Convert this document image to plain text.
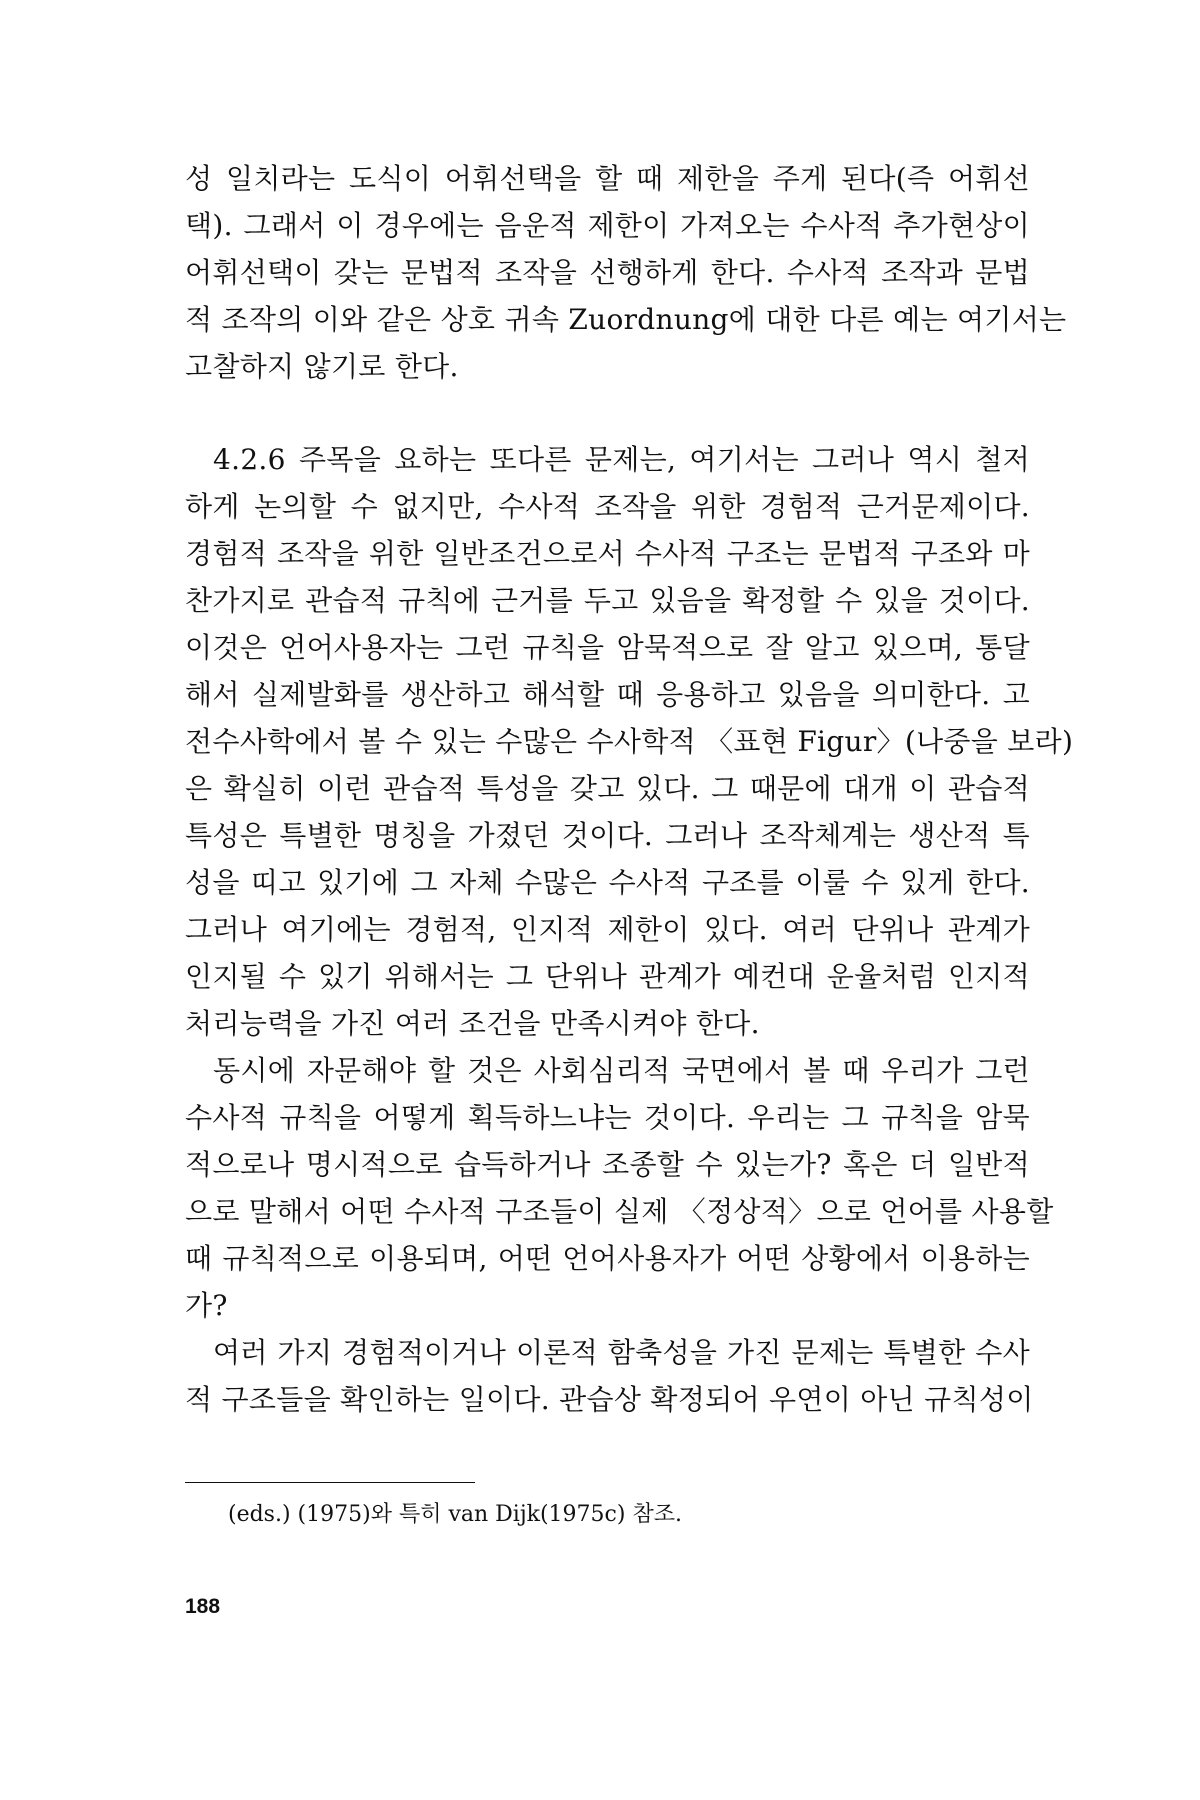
성 일치라는 도식이 어휘선택을 할 때 제한을 주게 된다(즉 어휘선
택). 그래서 이 경우에는 음운적 제한이 가져오는 수사적 추가현상이
어휘선택이 갖는 문법적 조작을 선행하게 한다. 수사적 조작과 문법
적 조작의 이와 같은 상호 귀속 Zuordnung에 대한 다른 예는 여기서는
고찰하지 않기로 한다.
4.2.6 주목을 요하는 또다른 문제는, 여기서는 그러나 역시 철저
하게 논의할 수 없지만, 수사적 조작을 위한 경험적 근거문제이다.
경험적 조작을 위한 일반조건으로서 수사적 구조는 문법적 구조와 마
찬가지로 관습적 규칙에 근거를 두고 있음을 확정할 수 있을 것이다.
이것은 언어사용자는 그런 규칙을 암묵적으로 잘 알고 있으며, 통달
해서 실제발화를 생산하고 해석할 때 응용하고 있음을 의미한다. 고
전수사학에서 볼 수 있는 수많은 수사학적 〈표현 Figur〉(나중을 보라)
은 확실히 이런 관습적 특성을 갖고 있다. 그 때문에 대개 이 관습적
특성은 특별한 명칭을 가졌던 것이다. 그러나 조작체계는 생산적 특
성을 띠고 있기에 그 자체 수많은 수사적 구조를 이룰 수 있게 한다.
그러나 여기에는 경험적, 인지적 제한이 있다. 여러 단위나 관계가
인지될 수 있기 위해서는 그 단위나 관계가 예컨대 운율처럼 인지적
처리능력을 가진 여러 조건을 만족시켜야 한다.
동시에 자문해야 할 것은 사회심리적 국면에서 볼 때 우리가 그런
수사적 규칙을 어떻게 획득하느냐는 것이다. 우리는 그 규칙을 암묵
적으로나 명시적으로 습득하거나 조종할 수 있는가? 혹은 더 일반적
으로 말해서 어떤 수사적 구조들이 실제 〈정상적〉으로 언어를 사용할
때 규칙적으로 이용되며, 어떤 언어사용자가 어떤 상황에서 이용하는
가?
여러 가지 경험적이거나 이론적 함축성을 가진 문제는 특별한 수사
적 구조들을 확인하는 일이다. 관습상 확정되어 우연이 아닌 규칙성이
(eds.) (1975)와 특히 van Dijk(1975c) 참조.
188
